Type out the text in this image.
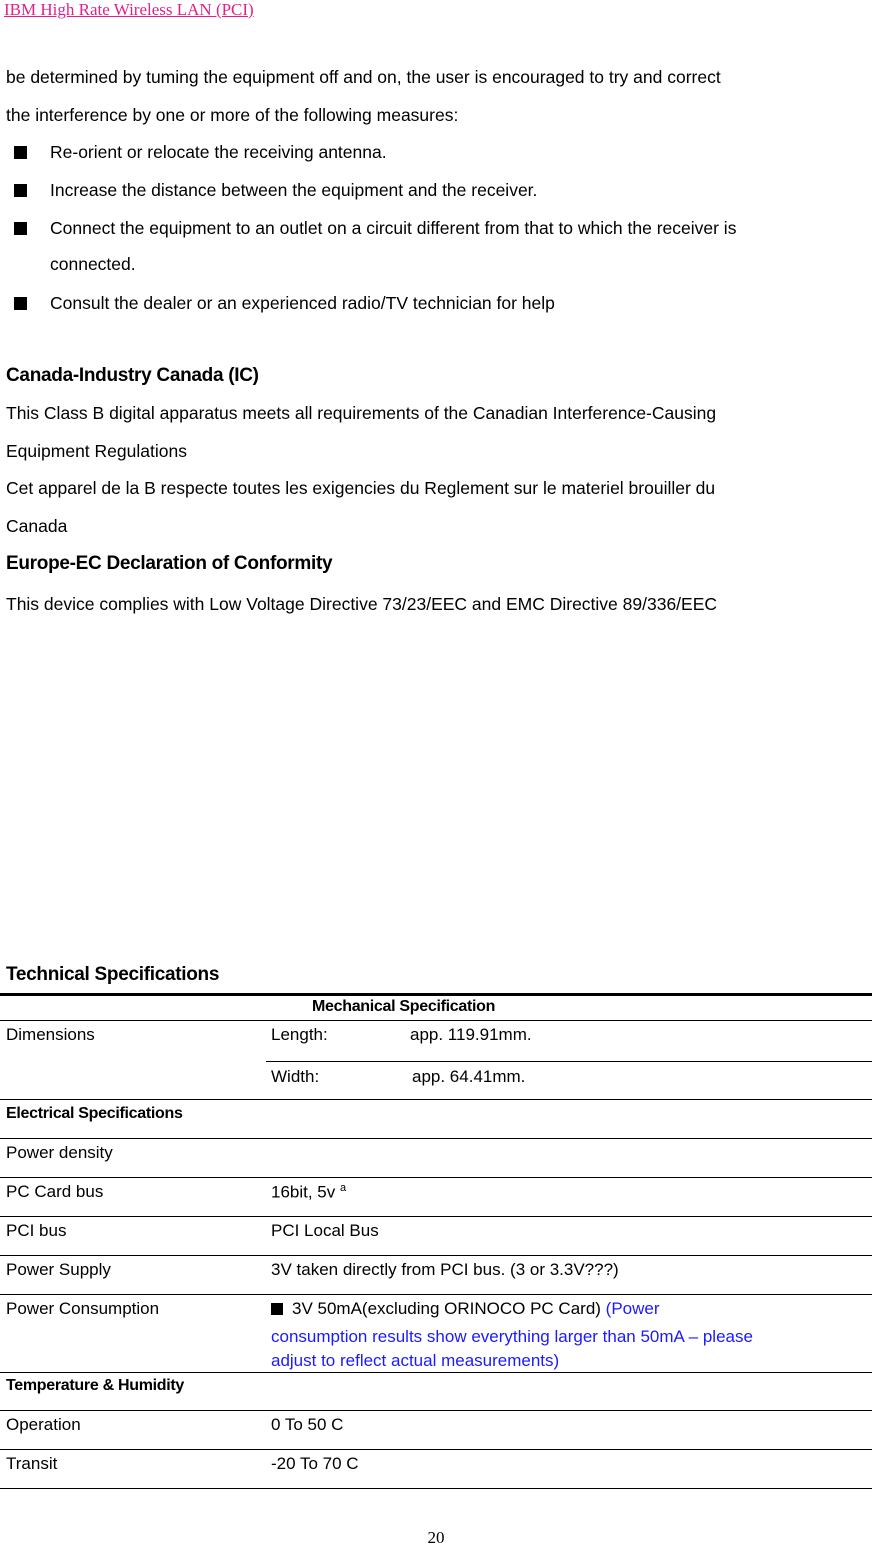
IBM High Rate Wireless LAN (PCI)
be determined by tuming the equipment off and on, the user is encouraged to try and correct
the interference by one or more of the following measures:
Re-orient or relocate the receiving antenna.
Increase the distance between the equipment and the receiver.
Connect the equipment to an outlet on a circuit different from that to which the receiver is
connected.
Consult the dealer or an experienced radio/TV technician for help
Canada-Industry Canada (IC)
This Class B digital apparatus meets all requirements of the Canadian Interference-Causing
Equipment Regulations
Cet apparel de la B respecte toutes les exigencies du Reglement sur le materiel brouiller du
Canada
Europe-EC Declaration of Conformity
This device complies with Low Voltage Directive 73/23/EEC and EMC Directive 89/336/EEC
Technical Specifications
Mechanical Specification
Dimensions	Length:	app. 119.91mm.
Width:	app. 64.41mm.
Electrical Specifications
Power density
PC Card bus	16bit, 5v $^a$
PCI bus	PCI Local Bus
Power Supply	3V taken directly from PCI bus. (3 or 3.3V???)
Power Consumption	3V 50mA(excluding ORINOCO PC Card) (Power
consumption results show everything larger than 50mA – please
adjust to reflect actual measurements)
Temperature & Humidity
Operation	0 To 50 C
Transit	-20 To 70 C
20
